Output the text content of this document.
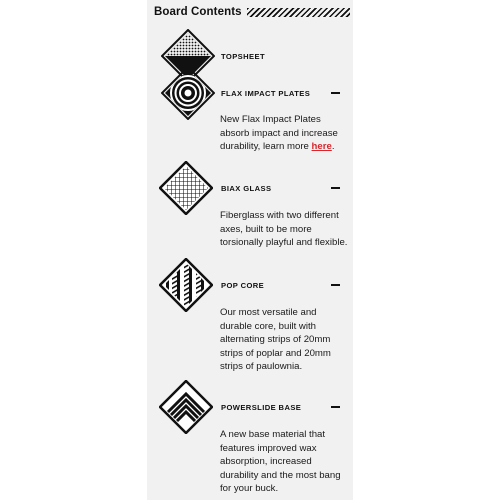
Board Contents
TOPSHEET
FLAX IMPACT PLATES
New Flax Impact Plates absorb impact and increase durability, learn more here.
BIAX GLASS
Fiberglass with two different axes, built to be more torsionally playful and flexible.
POP CORE
Our most versatile and durable core, built with alternating strips of 20mm strips of poplar and 20mm strips of paulownia.
POWERSLIDE BASE
A new base material that features improved wax absorption, increased durability and the most bang for your buck.
